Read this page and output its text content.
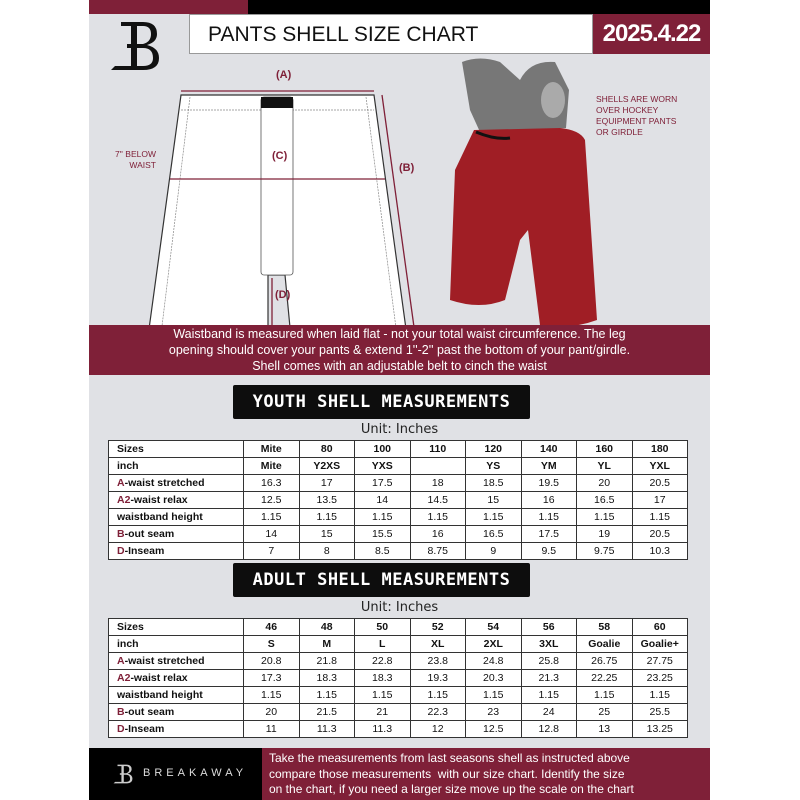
PANTS SHELL SIZE CHART	2025.4.22
(A)
(C)
(B)
(D)
7'' BELOW
WAIST
SHELLS ARE WORN
OVER HOCKEY
EQUIPMENT PANTS
OR GIRDLE
Waistband is measured when laid flat - not your total waist circumference. The leg
opening should cover your pants & extend 1''-2'' past the bottom of your pant/girdle.
Shell comes with an adjustable belt to cinch the waist
YOUTH SHELL MEASUREMENTS
Unit: Inches
Sizes	Mite	80	100	110	120	140	160	180
inch	Mite	Y2XS	YXS		YS	YM	YL	YXL
A-waist stretched	16.3	17	17.5	18	18.5	19.5	20	20.5
A2-waist relax	12.5	13.5	14	14.5	15	16	16.5	17
waistband height	1.15	1.15	1.15	1.15	1.15	1.15	1.15	1.15
B-out seam	14	15	15.5	16	16.5	17.5	19	20.5
D-Inseam	7	8	8.5	8.75	9	9.5	9.75	10.3
ADULT SHELL MEASUREMENTS
Unit: Inches
Sizes	46	48	50	52	54	56	58	60
inch	S	M	L	XL	2XL	3XL	Goalie	Goalie+
A-waist stretched	20.8	21.8	22.8	23.8	24.8	25.8	26.75	27.75
A2-waist relax	17.3	18.3	18.3	19.3	20.3	21.3	22.25	23.25
waistband height	1.15	1.15	1.15	1.15	1.15	1.15	1.15	1.15
B-out seam	20	21.5	21	22.3	23	24	25	25.5
D-Inseam	11	11.3	11.3	12	12.5	12.8	13	13.25
Take the measurements from last seasons shell as instructed above
compare those measurements  with our size chart. Identify the size
on the chart, if you need a larger size move up the scale on the chart
BREAKAWAY
